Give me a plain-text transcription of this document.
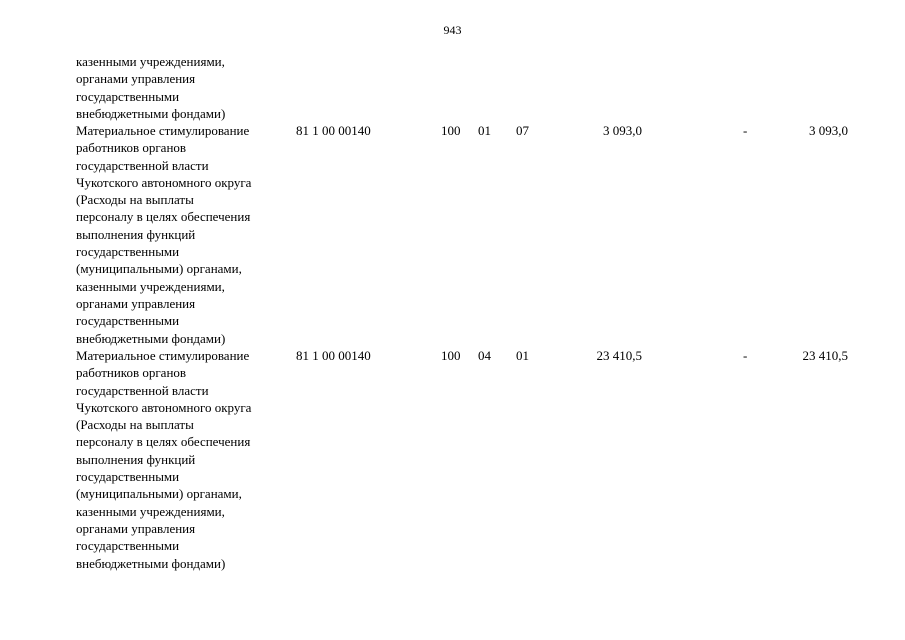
943
казенными учреждениями,
органами управления
государственными
внебюджетными фондами)
Материальное стимулирование
работников органов
государственной власти
Чукотского автономного округа
(Расходы на выплаты
персоналу в целях обеспечения
выполнения функций
государственными
(муниципальными) органами,
казенными учреждениями,
органами управления
государственными
внебюджетными фондами)
81 1 00 00140	100 01 07	3 093,0	-	3 093,0
Материальное стимулирование
работников органов
государственной власти
Чукотского автономного округа
(Расходы на выплаты
персоналу в целях обеспечения
выполнения функций
государственными
(муниципальными) органами,
казенными учреждениями,
органами управления
государственными
внебюджетными фондами)
81 1 00 00140	100 04 01	23 410,5	-	23 410,5
